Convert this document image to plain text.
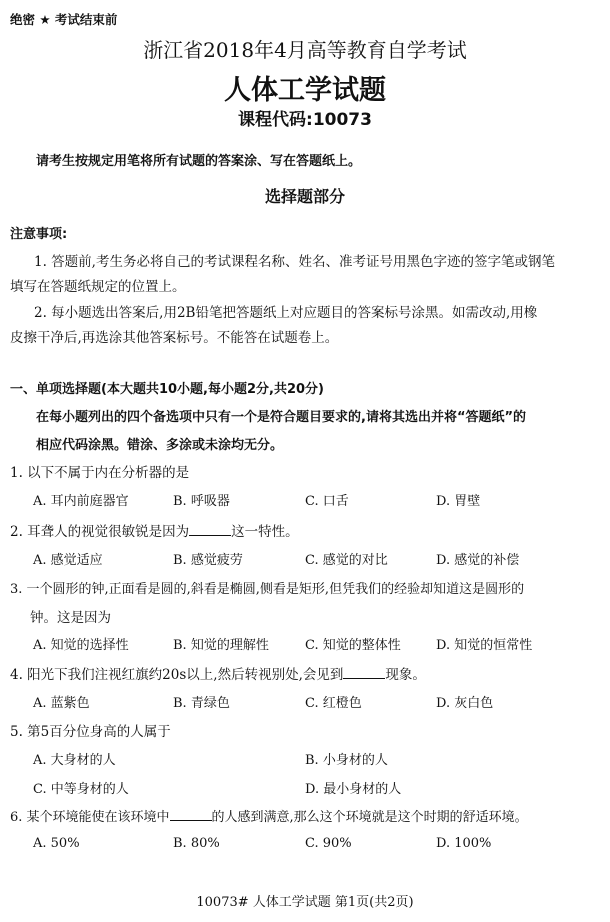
绝密 ★ 考试结束前
浙江省2018年4月高等教育自学考试
人体工学试题
课程代码:10073
请考生按规定用笔将所有试题的答案涂、写在答题纸上。
选择题部分
注意事项:
1. 答题前,考生务必将自己的考试课程名称、姓名、准考证号用黑色字迹的签字笔或钢笔
填写在答题纸规定的位置上。
2. 每小题选出答案后,用2B铅笔把答题纸上对应题目的答案标号涂黑。如需改动,用橡
皮擦干净后,再选涂其他答案标号。不能答在试题卷上。
一、单项选择题(本大题共10小题,每小题2分,共20分)
在每小题列出的四个备选项中只有一个是符合题目要求的,请将其选出并将“答题纸”的
相应代码涂黑。错涂、多涂或未涂均无分。
1. 以下不属于内在分析器的是
A. 耳内前庭器官	B. 呼吸器	C. 口舌	D. 胃壁
2. 耳聋人的视觉很敏锐是因为	这一特性。
A. 感觉适应	B. 感觉疲劳	C. 感觉的对比	D. 感觉的补偿
3. 一个圆形的钟,正面看是圆的,斜看是椭圆,侧看是矩形,但凭我们的经验却知道这是圆形的
钟。这是因为
A. 知觉的选择性	B. 知觉的理解性	C. 知觉的整体性	D. 知觉的恒常性
4. 阳光下我们注视红旗约20s以上,然后转视别处,会见到	现象。
A. 蓝紫色	B. 青绿色	C. 红橙色	D. 灰白色
5. 第5百分位身高的人属于
A. 大身材的人	B. 小身材的人
C. 中等身材的人	D. 最小身材的人
6. 某个环境能使在该环境中	的人感到满意,那么这个环境就是这个时期的舒适环境。
A. 50%	B. 80%	C. 90%	D. 100%
10073# 人体工学试题 第1页(共2页)
